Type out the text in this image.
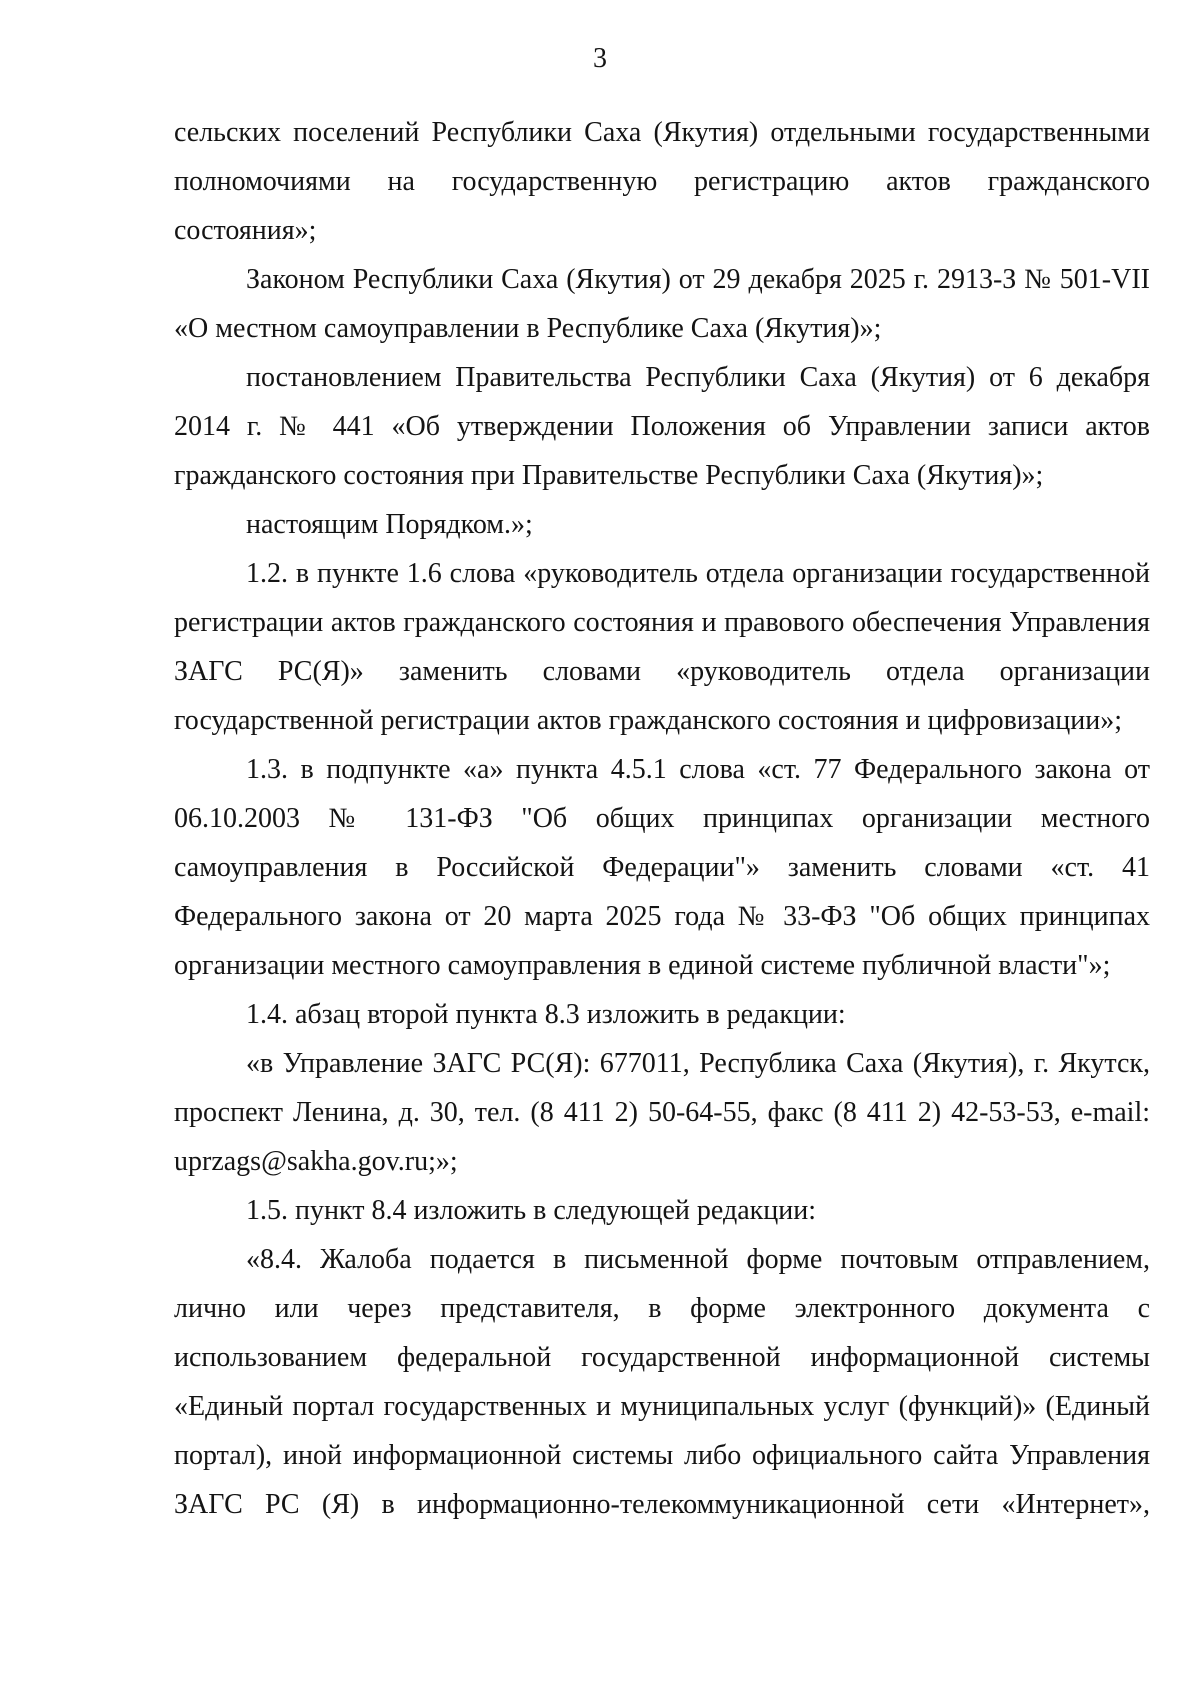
3

сельских поселений Республики Саха (Якутия) отдельными государственными полномочиями на государственную регистрацию актов гражданского состояния»;

Законом Республики Саха (Якутия) от 29 декабря 2025 г. 2913-З № 501-VII «О местном самоуправлении в Республике Саха (Якутия)»;

постановлением Правительства Республики Саха (Якутия) от 6 декабря 2014 г. № 441 «Об утверждении Положения об Управлении записи актов гражданского состояния при Правительстве Республики Саха (Якутия)»;

настоящим Порядком.»;

1.2. в пункте 1.6 слова «руководитель отдела организации государственной регистрации актов гражданского состояния и правового обеспечения Управления ЗАГС РС(Я)» заменить словами «руководитель отдела организации государственной регистрации актов гражданского состояния и цифровизации»;

1.3. в подпункте «а» пункта 4.5.1 слова «ст. 77 Федерального закона от 06.10.2003 № 131-ФЗ "Об общих принципах организации местного самоуправления в Российской Федерации"» заменить словами «ст. 41 Федерального закона от 20 марта 2025 года № 33-ФЗ "Об общих принципах организации местного самоуправления в единой системе публичной власти"»;

1.4. абзац второй пункта 8.3 изложить в редакции:

«в Управление ЗАГС РС(Я): 677011, Республика Саха (Якутия), г. Якутск, проспект Ленина, д. 30, тел. (8 411 2) 50-64-55, факс (8 411 2) 42-53-53, e-mail: uprzags@sakha.gov.ru;»;

1.5. пункт 8.4 изложить в следующей редакции:

«8.4. Жалоба подается в письменной форме почтовым отправлением, лично или через представителя, в форме электронного документа с использованием федеральной государственной информационной системы «Единый портал государственных и муниципальных услуг (функций)» (Единый портал), иной информационной системы либо официального сайта Управления ЗАГС РС (Я) в информационно-телекоммуникационной сети «Интернет»,
